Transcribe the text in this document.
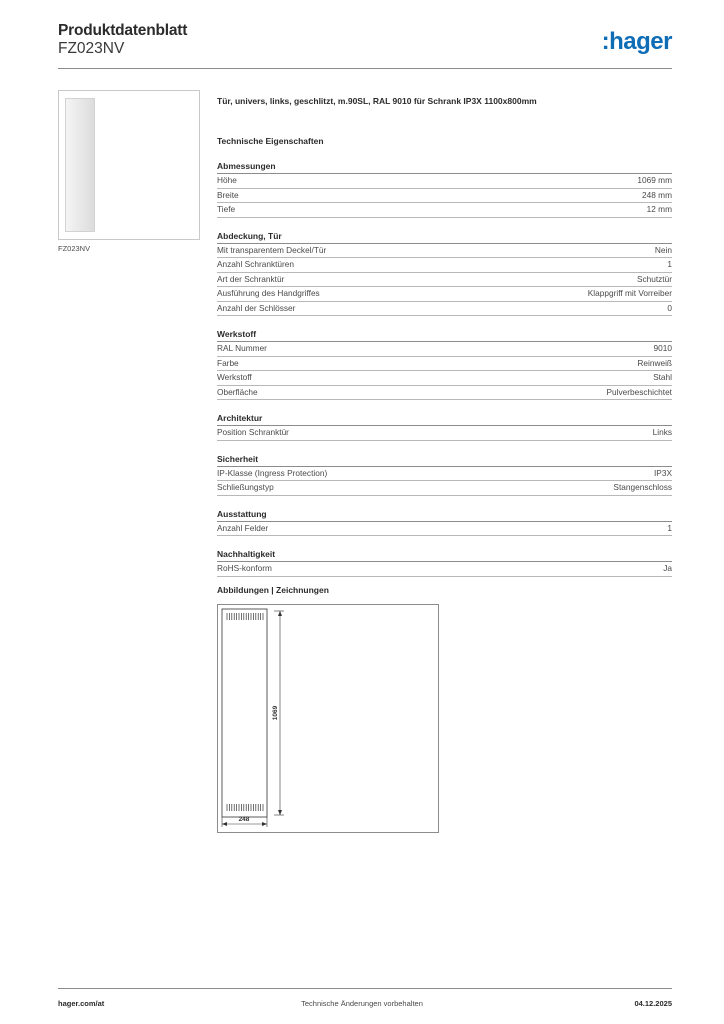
Produktdatenblatt
FZ023NV	:hager
FZ023NV
Tür, univers, links, geschlitzt, m.90SL, RAL 9010 für Schrank IP3X 1100x800mm
Technische Eigenschaften
Abmessungen
Höhe	1069 mm
Breite	248 mm
Tiefe	12 mm
Abdeckung, Tür
Mit transparentem Deckel/Tür	Nein
Anzahl Schranktüren	1
Art der Schranktür	Schutztür
Ausführung des Handgriffes	Klappgriff mit Vorreiber
Anzahl der Schlösser	0
Werkstoff
RAL Nummer	9010
Farbe	Reinweiß
Werkstoff	Stahl
Oberfläche	Pulverbeschichtet
Architektur
Position Schranktür	Links
Sicherheit
IP-Klasse (Ingress Protection)	IP3X
Schließungstyp	Stangenschloss
Ausstattung
Anzahl Felder	1
Nachhaltigkeit
RoHS-konform	Ja
Abbildungen | Zeichnungen
1069
248
hager.com/at	Technische Änderungen vorbehalten	04.12.2025
